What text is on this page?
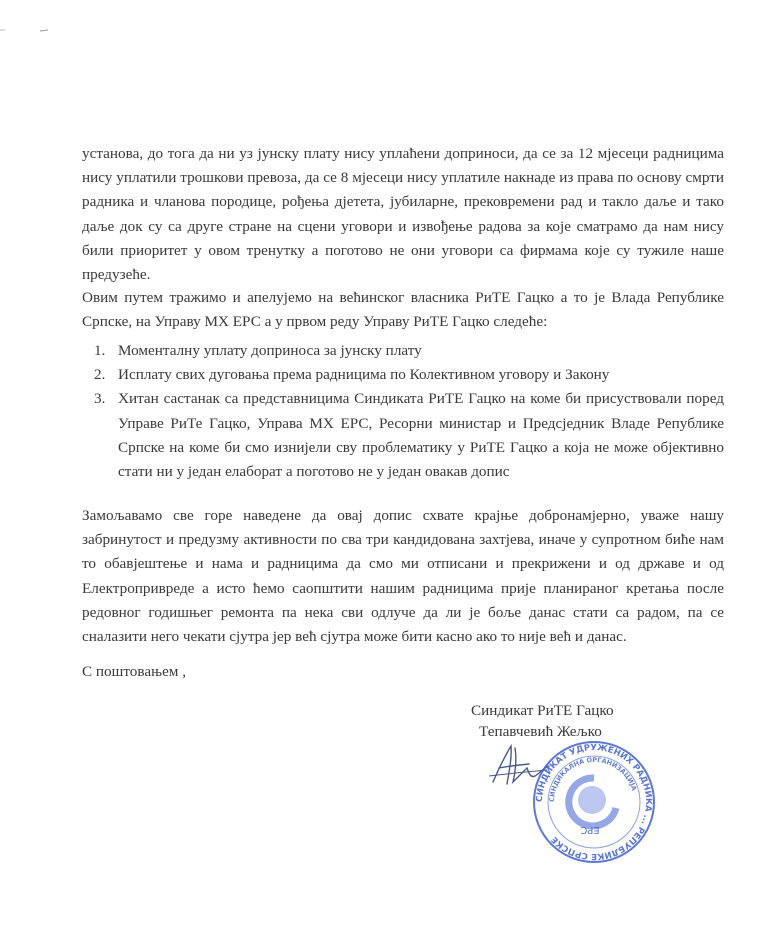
установа, до тога да ни уз јунску плату нису уплаћени доприноси, да се за 12 мјесеци радницима нису уплатили трошкови превоза, да се 8 мјесеци нису уплатиле накнаде из права по основу смрти радника и чланова породице, рођења дјетета, јубиларне, прековремени рад и такло даље и тако даље док су са друге стране на сцени уговори и извођење радова за које сматрамо да нам нису били приоритет у овом тренутку а поготово не они уговори са фирмама које су тужиле наше предузеће.

Овим путем тражимо и апелујемо на већинског власника РиТЕ Гацко а то је Влада Републике Српске, на Управу МХ ЕРС а у првом реду Управу РиТЕ Гацко следеће:

1. Моменталну уплату доприноса за јунску плату
2. Исплату свих дуговања према радницима по Колективном уговору и Закону
3. Хитан састанак са представницима Синдиката РиТЕ Гацко на коме би присуствовали поред Управе РиТе Гацко, Управа МХ ЕРС, Ресорни министар и Предсједник Владе Републике Српске на коме би смо изнијели сву проблематику у РиТЕ Гацко а која не може објективно стати ни у један елаборат а поготово не у један овакав допис

Замољавамо све горе наведене да овај допис схвате крајње добронамјерно, уваже нашу забринутост и предузму активности по сва три кандидована захтјева, иначе у супротном биће нам то обавјештење и нама и радницима да смо ми отписани и прекрижени и од државе и од Електропривреде а исто ћемо саопштити нашим радницима прије планираног кретања после редовног годишњег ремонта па нека сви одлуче да ли је боље данас стати са радом, па се сналазити него чекати сјутра јер већ сјутра може бити касно ако то није већ и данас.

С поштовањем ,

Синдикат РиТЕ Гацко

Тепавчевић Жељко

СИНДИКАТ УДРУЖЕНИХ РАДНИКА ... РЕПУБЛИКЕ СРПСКЕ
СИНДИКАЛНА ОРГАНИЗАЦИЈА
ЕРС
